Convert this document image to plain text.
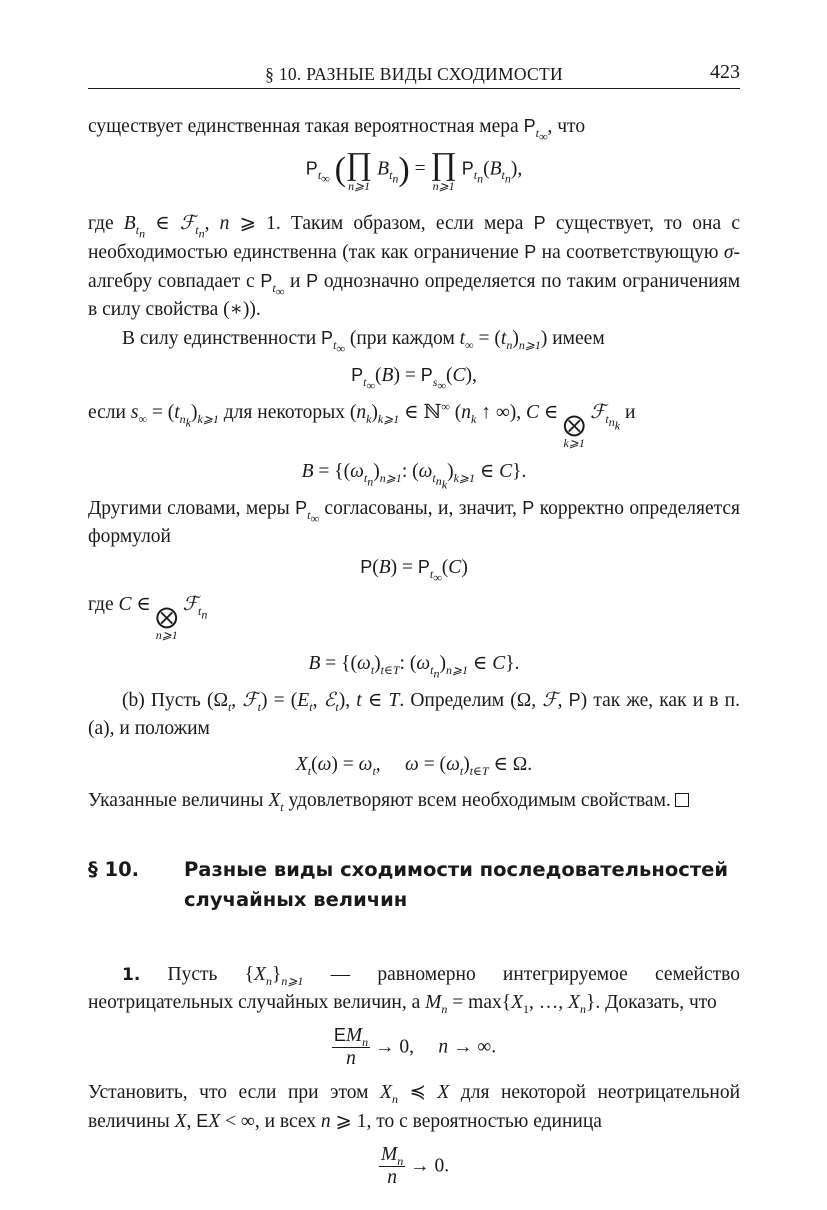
§ 10. РАЗНЫЕ ВИДЫ СХОДИМОСТИ	423

существует единственная такая вероятностная мера $P_{t_\infty}$, что

$P_{t_\infty}$ ( ∏
n⩾1
$B_{t_n}$) = ∏
n⩾1
$P_{t_n}(B_{t_n})$,

где $B_{t_n}$ ∈ ℱ$_{t_n}$, n ⩾ 1. Таким образом, если мера P существует, то она с необходимостью единственна (так как ограничение P на соответствующую σ-алгебру совпадает с $P_{t_\infty}$ и P однозначно определяется по таким ограничениям в силу свойства (∗)).

В силу единственности $P_{t_\infty}$ (при каждом $t_\infty = (t_n)_{n⩾1}$) имеем

$P_{t_\infty}(B) = P_{s_\infty}(C)$,

если $s_\infty = (t_{n_k})_{k⩾1}$ для некоторых $(n_k)_{k⩾1}$ ∈ ℕ∞ ($n_k$ ↑ ∞), C ∈ ⨂
k⩾1
ℱ$_{t_{n_k}}$ и

$B = \{(\omega_{t_n})_{n⩾1}$: $(\omega_{t_{n_k}})_{k⩾1}$ ∈ C}.

Другими словами, меры $P_{t_\infty}$ согласованы, и, значит, P корректно определяется формулой

$P(B) = P_{t_\infty}(C)$

где C ∈ ⨂
n⩾1
ℱ$_{t_n}$

$B = \{(\omega_t)_{t\in T}$: $(\omega_{t_n})_{n⩾1}$ ∈ C}.

(b) Пусть ($\Omega_t$, ℱ$_t$) = ($E_t$, ℰ$_t$), t ∈ T. Определим (Ω, ℱ, P) так же, как и в п. (a), и положим

$X_t(\omega) = \omega_t$,     $\omega = (\omega_t)_{t\in T}$ ∈ Ω.

Указанные величины $X_t$ удовлетворяют всем необходимым свойствам.

§ 10.	Разные виды сходимости последовательностей случайных величин

1. Пусть $\{X_n\}_{n⩾1}$ — равномерно интегрируемое семейство неотрицательных случайных величин, а $M_n = \max\{X_1$, …, $X_n$}. Доказать, что

$\frac{EM_n}{n} \to 0$,     n → ∞.

Установить, что если при этом $X_n$ ≼ X для некоторой неотрицательной величины X, EX < ∞, и всех n ⩾ 1, то с вероятностью единица

$\frac{M_n}{n} \to 0$.
